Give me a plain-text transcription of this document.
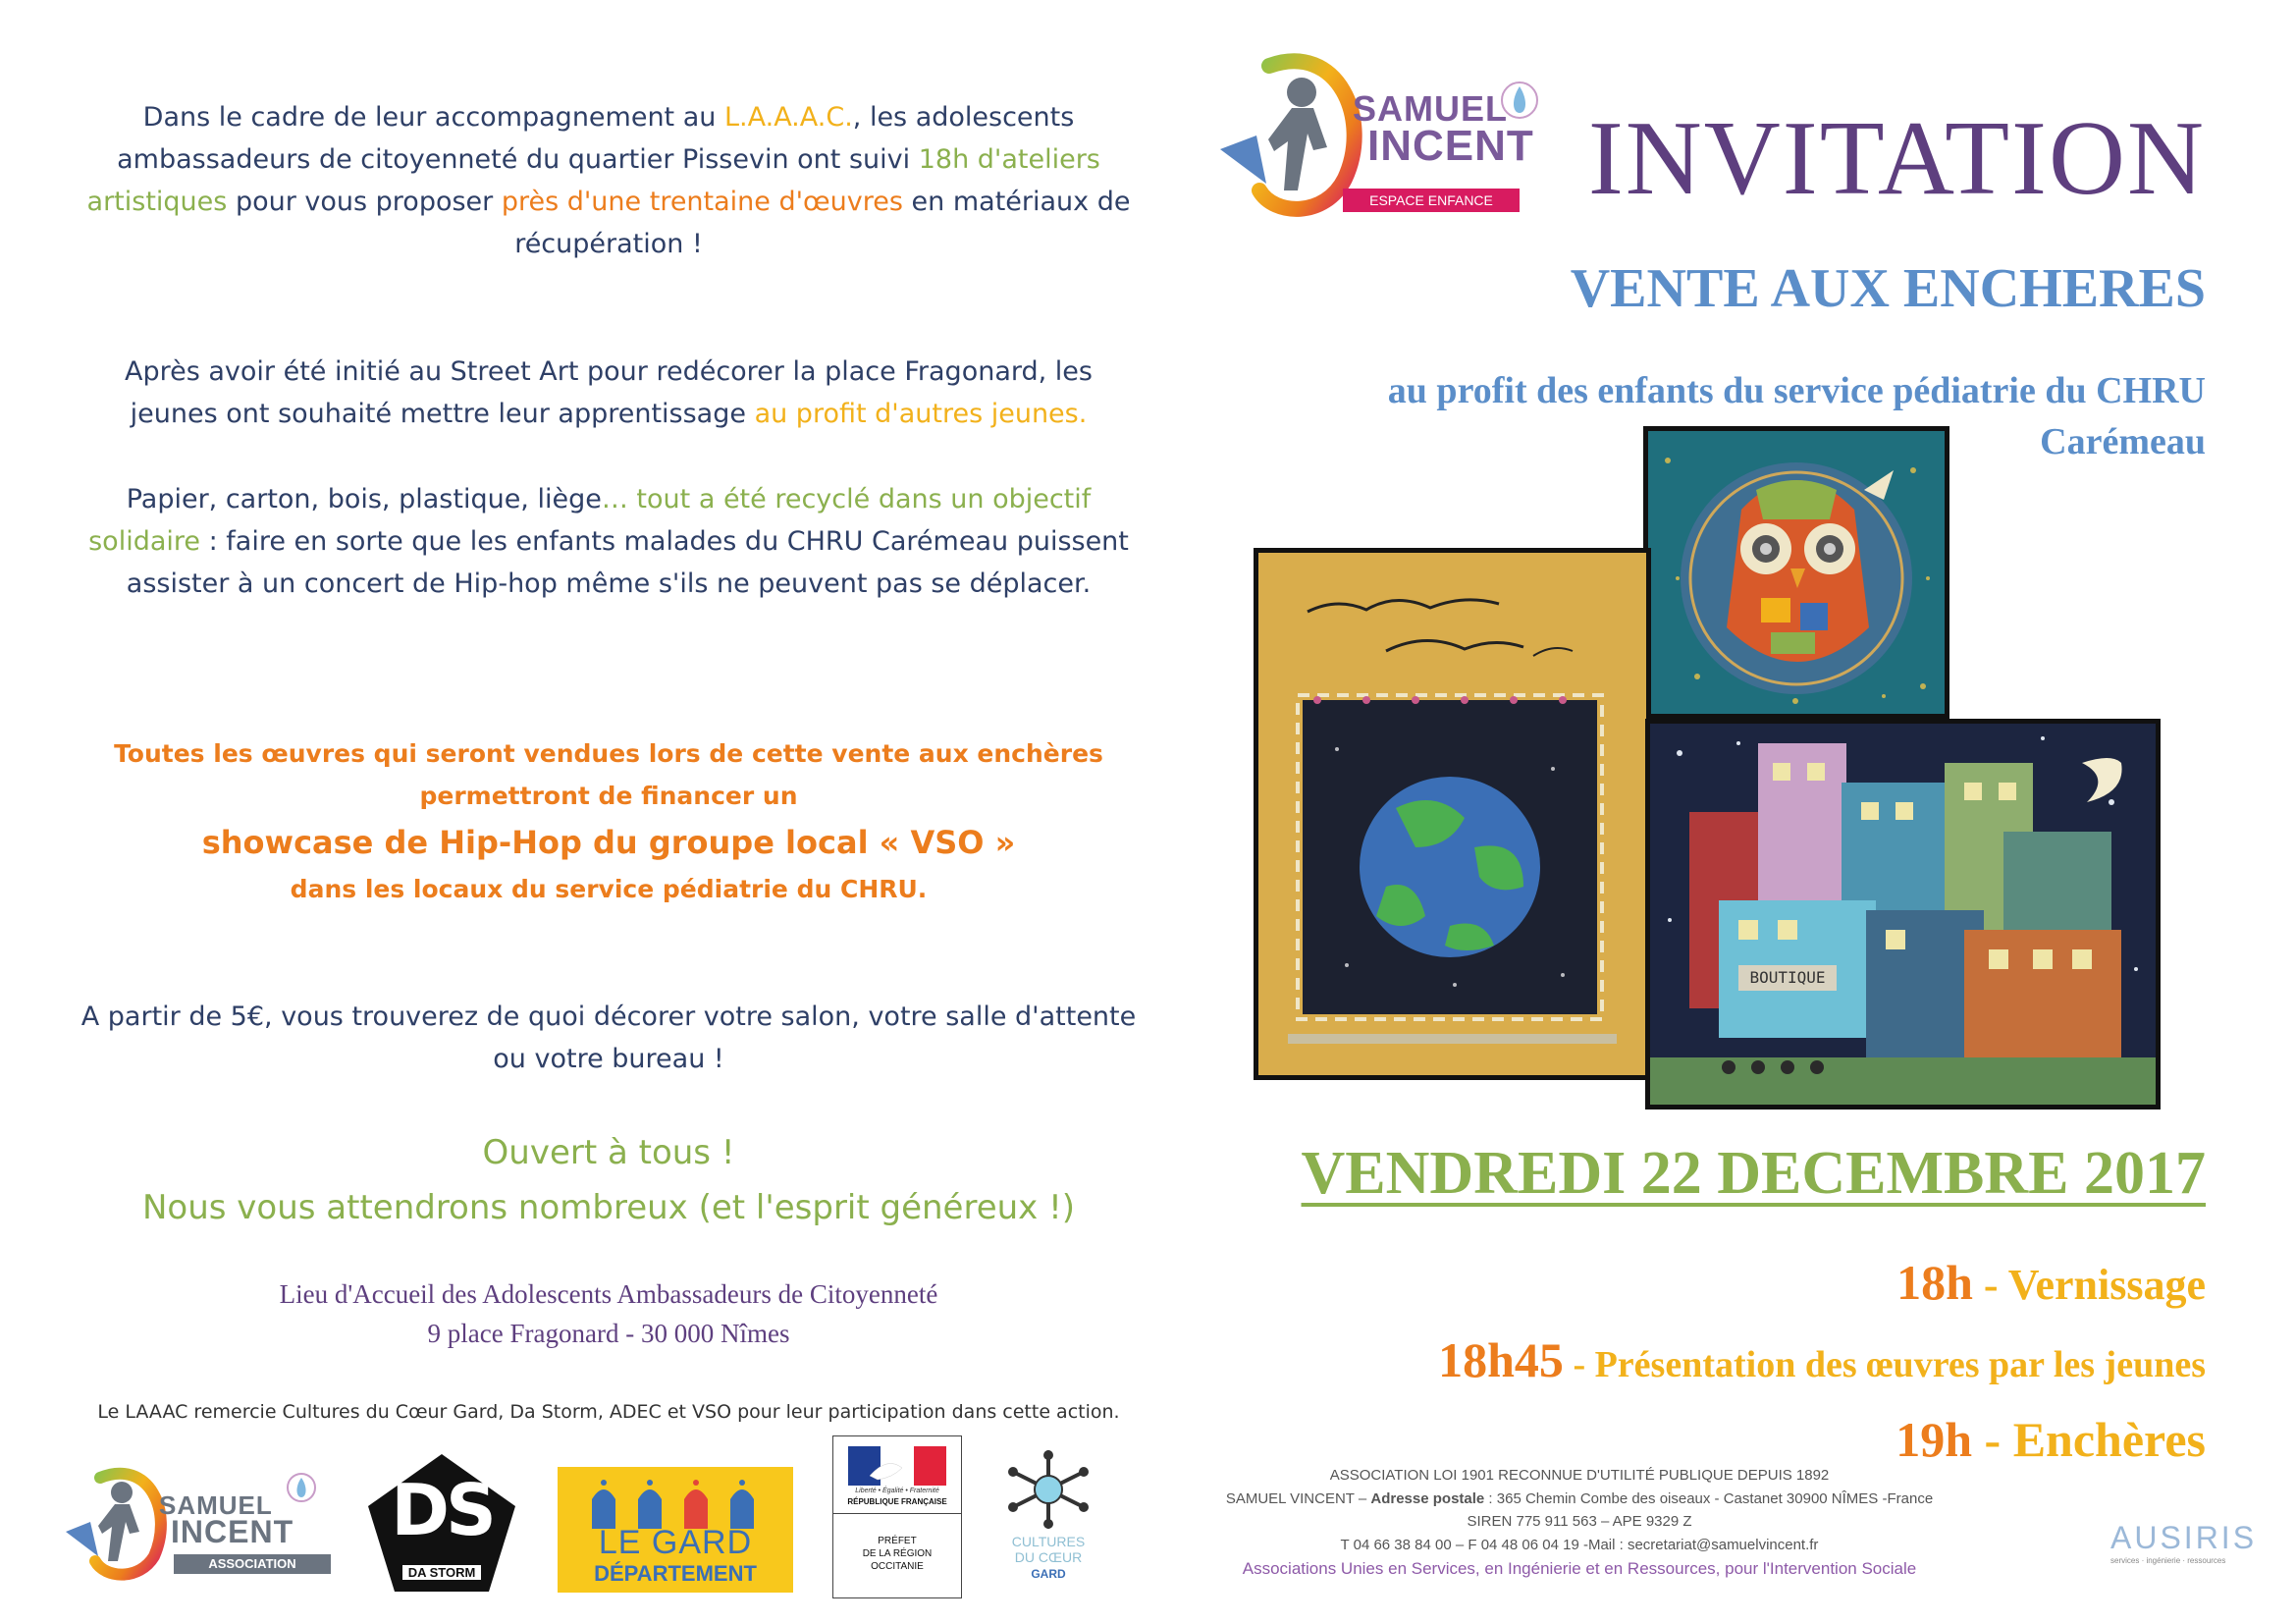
Dans le cadre de leur accompagnement au L.A.A.A.C., les adolescents
ambassadeurs de citoyenneté du quartier Pissevin ont suivi 18h d'ateliers
artistiques pour vous proposer près d'une trentaine d'œuvres en matériaux de
récupération !
Après avoir été initié au Street Art pour redécorer la place Fragonard, les
jeunes ont souhaité mettre leur apprentissage au profit d'autres jeunes.
Papier, carton, bois, plastique, liège… tout a été recyclé dans un objectif
solidaire : faire en sorte que les enfants malades du CHRU Carémeau puissent
assister à un concert de Hip-hop même s'ils ne peuvent pas se déplacer.
Toutes les œuvres qui seront vendues lors de cette vente aux enchères
permettront de financer un
showcase de Hip-Hop du groupe local « VSO »
dans les locaux du service pédiatrie du CHRU.
A partir de 5€, vous trouverez de quoi décorer votre salon, votre salle d'attente
ou votre bureau !
Ouvert à tous !
Nous vous attendrons nombreux (et l'esprit généreux !)
Lieu d'Accueil des Adolescents Ambassadeurs de Citoyenneté
9 place Fragonard - 30 000 Nîmes
Le LAAAC remercie Cultures du Cœur Gard, Da Storm, ADEC et VSO pour leur participation dans cette action.
SAMUEL
INCENT
ASSOCIATION
DS
DA STORM
LE GARD
DÉPARTEMENT
Liberté • Égalité • Fraternité
RÉPUBLIQUE FRANÇAISE
PRÉFET
DE LA RÉGION
OCCITANIE
CULTURES
DU CŒUR
GARD
SAMUEL
INCENT
ESPACE ENFANCE INVITATION
VENTE AUX ENCHERES
au profit des enfants du service pédiatrie du CHRU
Carémeau
BOUTIQUE
VENDREDI 22 DECEMBRE 2017
18h - Vernissage
18h45 - Présentation des œuvres par les jeunes
19h - Enchères
ASSOCIATION LOI 1901 RECONNUE D'UTILITÉ PUBLIQUE DEPUIS 1892
SAMUEL VINCENT – Adresse postale : 365 Chemin Combe des oiseaux - Castanet 30900 NÎMES -France
SIREN 775 911 563 – APE 9329 Z
T 04 66 38 84 00 – F 04 48 06 04 19 -Mail : secretariat@samuelvincent.fr
Associations Unies en Services, en Ingénierie et en Ressources, pour l'Intervention Sociale
AUSIRIS
services · ingénierie · ressources
